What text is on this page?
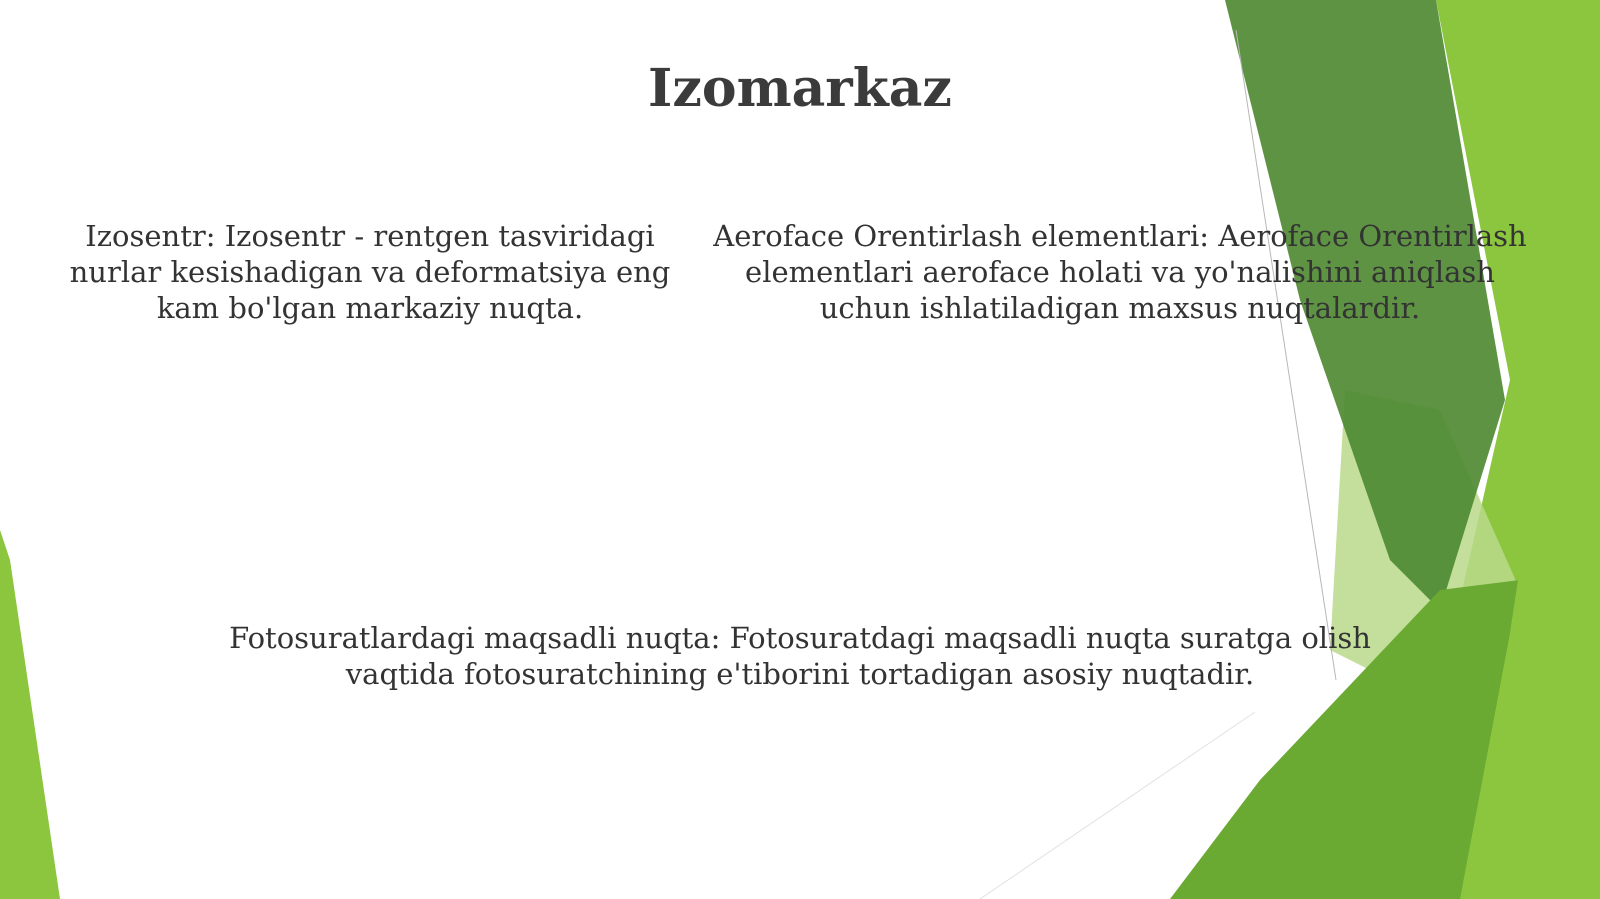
Izomarkaz
Izosentr: Izosentr - rentgen tasviridagi nurlar kesishadigan va deformatsiya eng kam bo'lgan markaziy nuqta.
Aeroface Orentirlash elementlari: Aeroface Orentirlash elementlari aeroface holati va yo'nalishini aniqlash uchun ishlatiladigan maxsus nuqtalardir.
Fotosuratlardagi maqsadli nuqta: Fotosuratdagi maqsadli nuqta suratga olish vaqtida fotosuratchining e'tiborini tortadigan asosiy nuqtadir.
